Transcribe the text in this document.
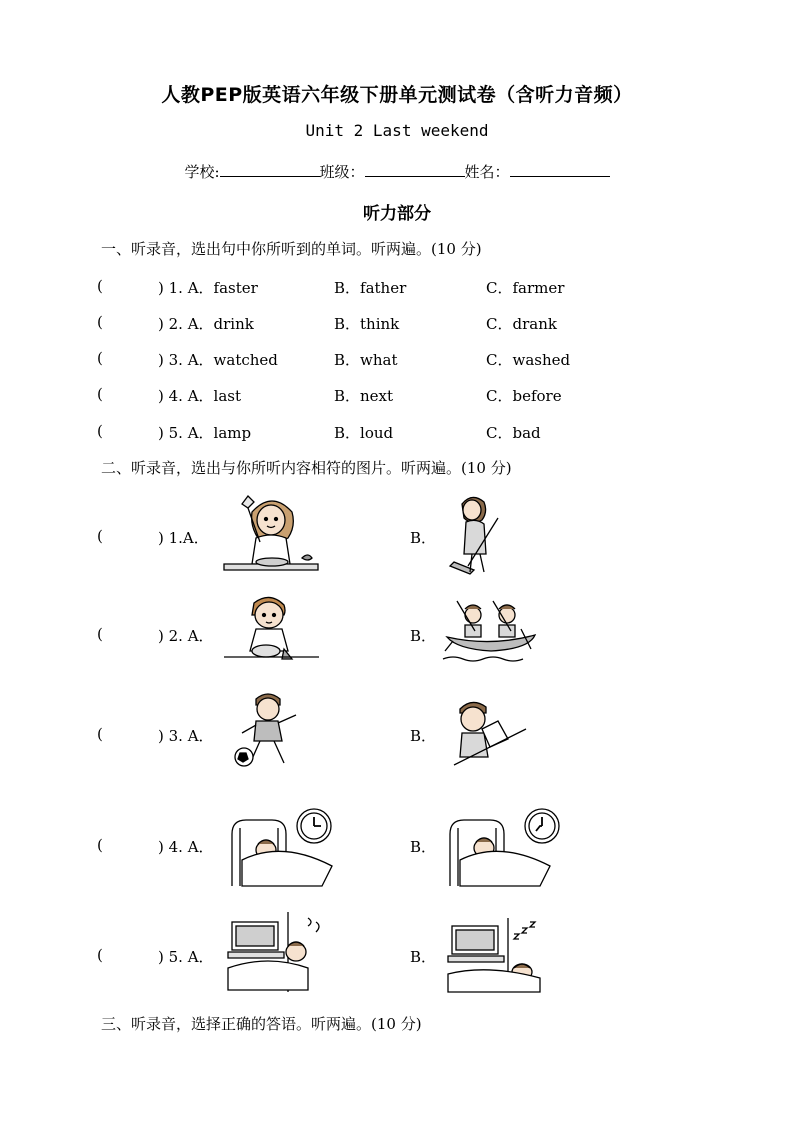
人教PEP版英语六年级下册单元测试卷（含听力音频）
Unit 2 Last weekend
学校:	班级：	姓名：
听力部分
一、听录音，选出句中你所听到的单词。听两遍。(10 分)
(	) 1. A．faster	B．father	C．farmer
(	) 2. A．drink	B．think	C．drank
(	) 3. A．watched	B．what	C．washed
(	) 4. A．last	B．next	C．before
(	) 5. A．lamp	B．loud	C．bad
二、听录音，选出与你所听内容相符的图片。听两遍。(10 分)
(	) 1.A．	B．
(	) 2. A．	B．
(	) 3. A．	B．
(	) 4. A．	B．
(	) 5. A．	B．
三、听录音，选择正确的答语。听两遍。(10 分)
